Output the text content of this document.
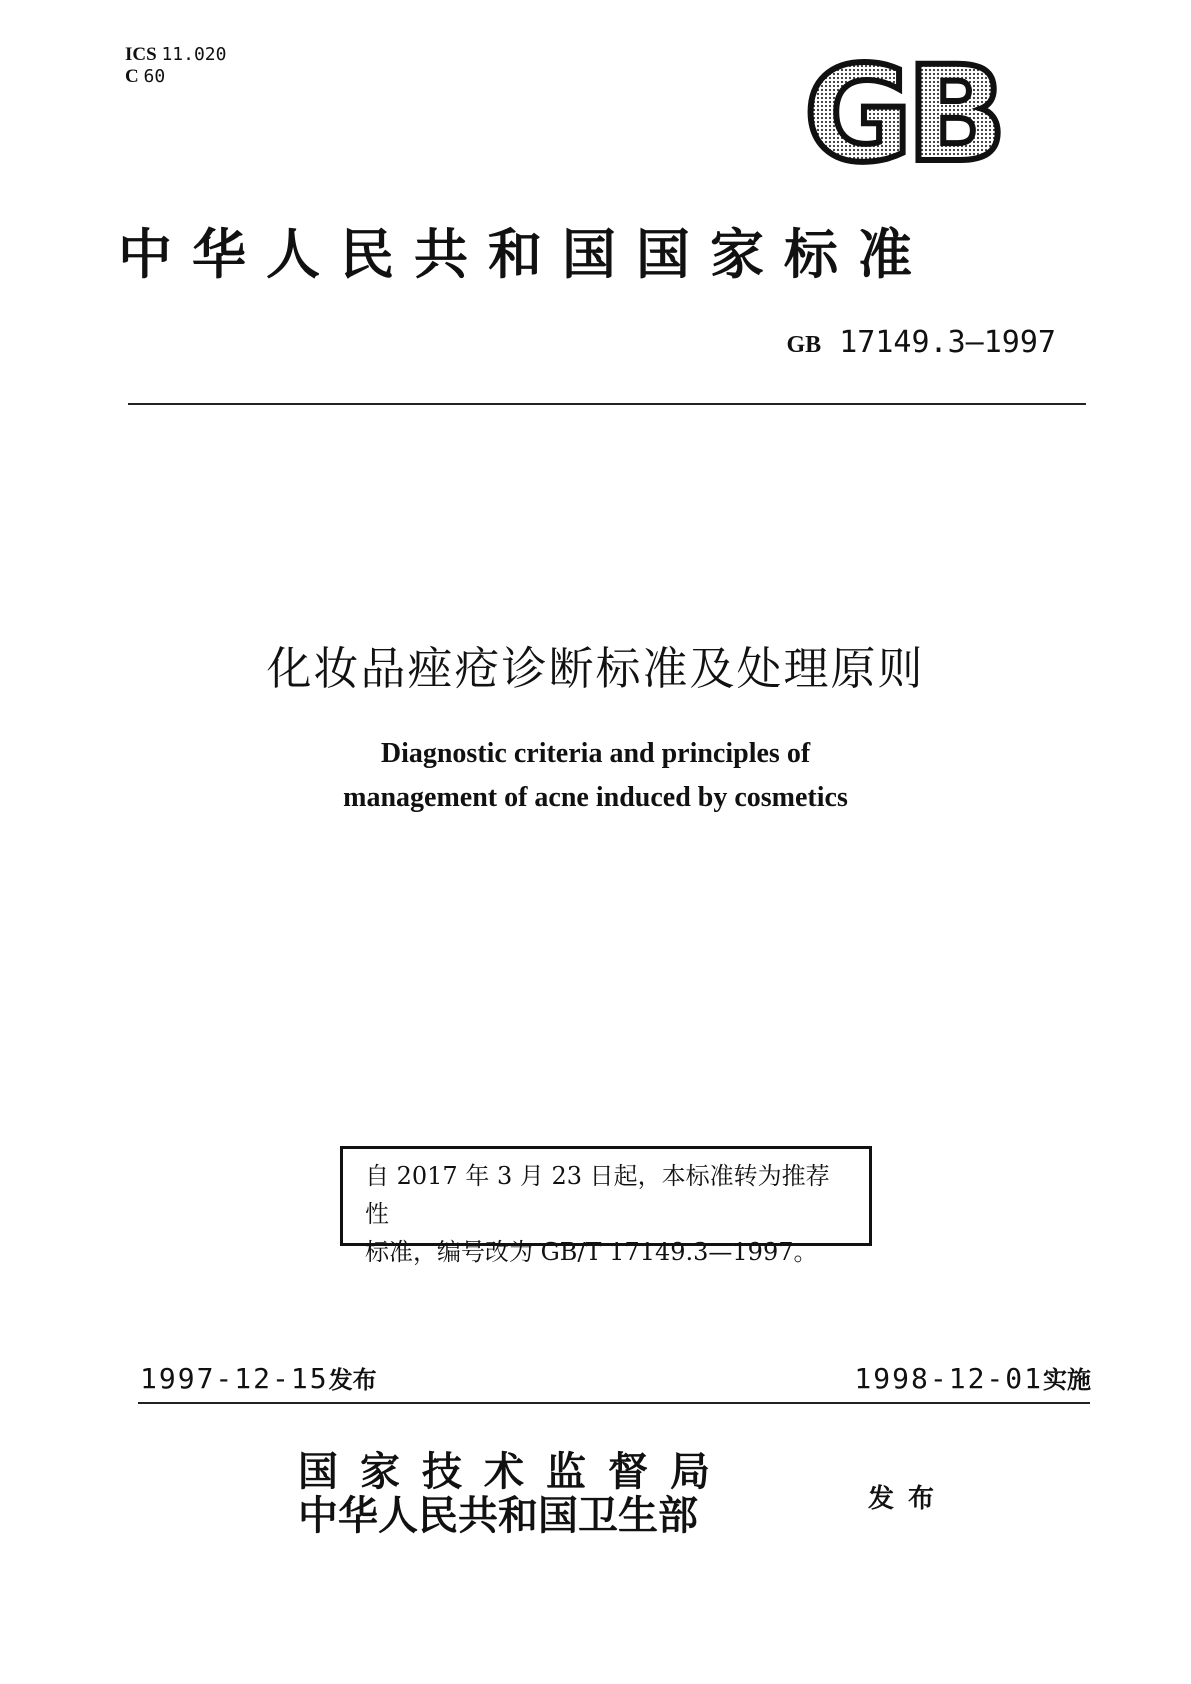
ICS 11.020
C 60	GB
中华人民共和国国家标准
GB 17149.3—1997
化妆品痤疮诊断标准及处理原则
Diagnostic criteria and principles of
management of acne induced by cosmetics
自 2017 年 3 月 23 日起，本标准转为推荐性
标准，编号改为 GB/T 17149.3—1997。
1997-12-15发布	1998-12-01实施
国家技术监督局
中华人民共和国卫生部	发布
